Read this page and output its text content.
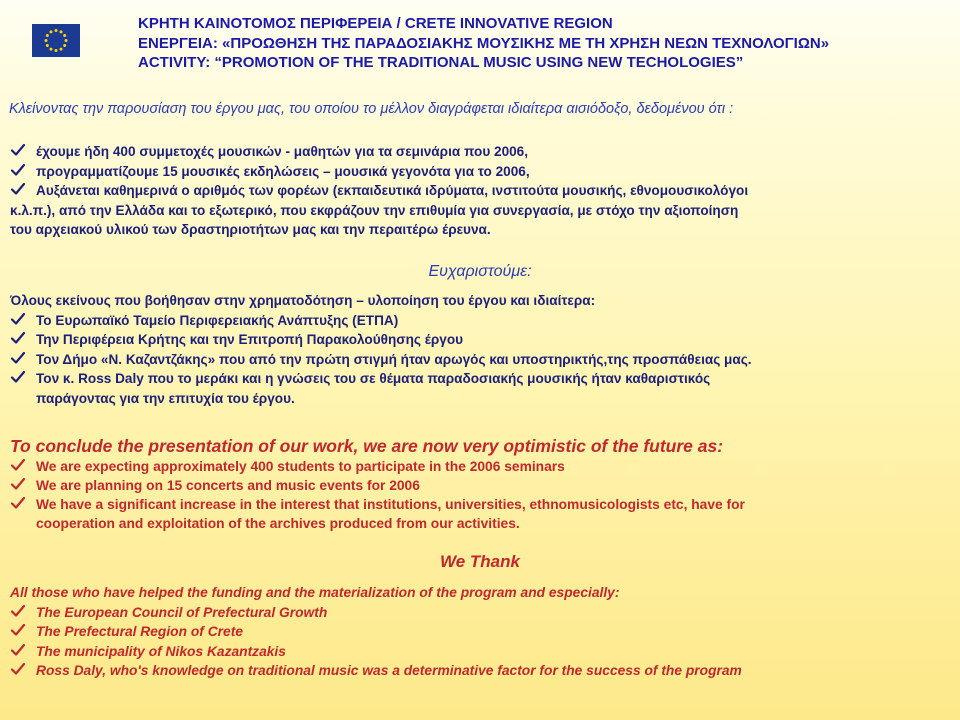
ΚΡΗΤΗ ΚΑΙΝΟΤΟΜΟΣ ΠΕΡΙΦΕΡΕΙΑ / CRETE INNOVATIVE REGION
ΕΝΕΡΓΕΙΑ: «ΠΡΟΩΘΗΣΗ ΤΗΣ ΠΑΡΑΔΟΣΙΑΚΗΣ ΜΟΥΣΙΚΗΣ ΜΕ ΤΗ ΧΡΗΣΗ ΝΕΩΝ ΤΕΧΝΟΛΟΓΙΩΝ»
ACTIVITY: “PROMOTION OF THE TRADITIONAL MUSIC USING NEW TECHOLOGIES”
Κλείνοντας την παρουσίαση του έργου μας, του οποίου το μέλλον διαγράφεται ιδιαίτερα αισιόδοξο, δεδομένου ότι :
έχουμε ήδη 400 συμμετοχές μουσικών - μαθητών για τα σεμινάρια που 2006,
προγραμματίζουμε 15 μουσικές εκδηλώσεις – μουσικά γεγονότα για το 2006,
Αυξάνεται καθημερινά ο αριθμός των φορέων (εκπαιδευτικά ιδρύματα, ινστιτούτα μουσικής, εθνομουσικολόγοι
κ.λ.π.), από την Ελλάδα και το εξωτερικό, που εκφράζουν την επιθυμία για συνεργασία, με στόχο την αξιοποίηση
του αρχειακού υλικού των δραστηριοτήτων μας και την περαιτέρω έρευνα.
Ευχαριστούμε:
Όλους εκείνους που βοήθησαν στην χρηματοδότηση – υλοποίηση του έργου και ιδιαίτερα:
Το Ευρωπαϊκό Ταμείο Περιφερειακής Ανάπτυξης (ΕΤΠΑ)
Την Περιφέρεια Κρήτης και την Επιτροπή Παρακολούθησης έργου
Τον Δήμο «Ν. Καζαντζάκης» που από την πρώτη στιγμή ήταν αρωγός και υποστηρικτής,της προσπάθειας μας.
Τον κ. Ross Daly που το μεράκι και η γνώσεις του σε θέματα παραδοσιακής μουσικής ήταν καθαριστικός
παράγοντας για την επιτυχία του έργου.
To conclude the presentation of our work, we are now very optimistic of the future as:
We are expecting approximately 400 students to participate in the 2006 seminars
We are planning on 15 concerts and music events for 2006
We have a significant increase in the interest that institutions, universities, ethnomusicologists etc, have for
cooperation and exploitation of the archives produced from our activities.
We Thank
All those who have helped the funding and the materialization of the program and especially:
The European Council of Prefectural Growth
The Prefectural Region of Crete
The municipality of Nikos Kazantzakis
Ross Daly, who's knowledge on traditional music was a determinative factor for the success of the program
